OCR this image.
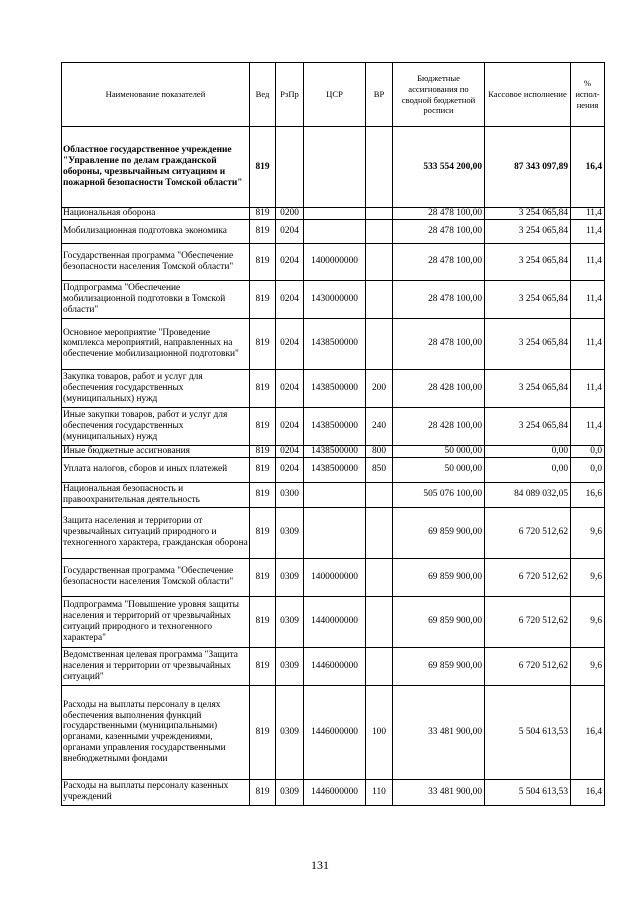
Наименование показателей	Вед	РзПр	ЦСР	ВР	Бюджетные ассигнования по сводной бюджетной росписи	Кассовое исполнение	% испол-нения
Областное государственное учреждение "Управление по делам гражданской обороны, чрезвычайным ситуациям и пожарной безопасности Томской области"	819				533 554 200,00	87 343 097,89	16,4
Национальная оборона	819	0200			28 478 100,00	3 254 065,84	11,4
Мобилизационная подготовка экономика	819	0204			28 478 100,00	3 254 065,84	11,4
Государственная программа "Обеспечение безопасности населения Томской области"	819	0204	1400000000		28 478 100,00	3 254 065,84	11,4
Подпрограмма "Обеспечение мобилизационной подготовки в Томской области"	819	0204	1430000000		28 478 100,00	3 254 065,84	11,4
Основное мероприятие "Проведение комплекса мероприятий, направленных на обеспечение мобилизационной подготовки"	819	0204	1438500000		28 478 100,00	3 254 065,84	11,4
Закупка товаров, работ и услуг для обеспечения государственных (муниципальных) нужд	819	0204	1438500000	200	28 428 100,00	3 254 065,84	11,4
Иные закупки товаров, работ и услуг для обеспечения государственных (муниципальных) нужд	819	0204	1438500000	240	28 428 100,00	3 254 065,84	11,4
Иные бюджетные ассигнования	819	0204	1438500000	800	50 000,00	0,00	0,0
Уплата налогов, сборов и иных платежей	819	0204	1438500000	850	50 000,00	0,00	0,0
Национальная безопасность и правоохранительная деятельность	819	0300			505 076 100,00	84 089 032,05	16,6
Защита населения и территории от чрезвычайных ситуаций природного и техногенного характера, гражданская оборона	819	0309			69 859 900,00	6 720 512,62	9,6
Государственная программа "Обеспечение безопасности населения Томской области"	819	0309	1400000000		69 859 900,00	6 720 512,62	9,6
Подпрограмма "Повышение уровня защиты населения и территорий от чрезвычайных ситуаций природного и техногенного характера"	819	0309	1440000000		69 859 900,00	6 720 512,62	9,6
Ведомственная целевая программа "Защита населения и территории от чрезвычайных ситуаций"	819	0309	1446000000		69 859 900,00	6 720 512,62	9,6
Расходы на выплаты персоналу в целях обеспечения выполнения функций государственными (муниципальными) органами, казенными учреждениями, органами управления государственными внебюджетными фондами	819	0309	1446000000	100	33 481 900,00	5 504 613,53	16,4
Расходы на выплаты персоналу казенных учреждений	819	0309	1446000000	110	33 481 900,00	5 504 613,53	16,4
131
